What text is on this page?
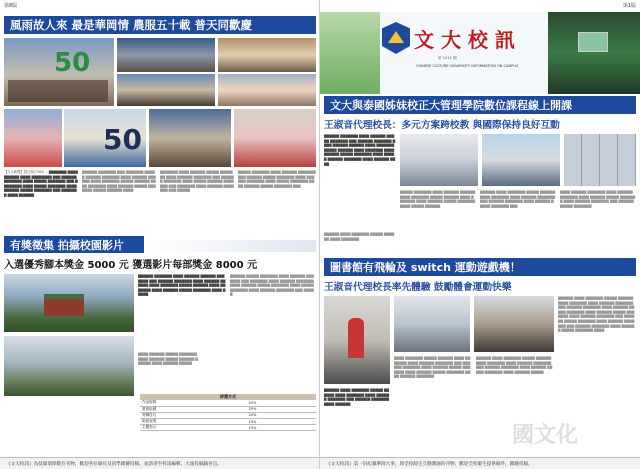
第8版
風雨故人來 最是華岡情 農服五十載 普天同歡慶
50
50
【文大新聞】農社創立50年… ▇▇▇▇▇▇▇ ▇▇▇▇ ▇▇▇▇▇▇ ▇▇▇▇ ▇▇▇▇▇▇▇▇ ▇▇▇ ▇▇▇▇▇▇ ▇▇▇▇▇▇▇ ▇▇▇▇ ▇▇▇▇▇ ▇▇▇▇▇▇▇ ▇▇▇ ▇▇▇▇▇▇▇▇ ▇▇▇▇ ▇▇▇▇▇ ▇▇▇▇▇▇▇ ▇▇▇▇ ▇▇▇▇▇▇ ▇▇▇▇▇ ▇▇▇▇▇▇▇ ▇▇▇ ▇▇▇▇▇▇▇ ▇▇▇▇ ▇▇▇▇▇▇
▇▇▇▇▇▇ ▇▇▇▇▇▇▇ ▇▇▇ ▇▇▇▇▇▇▇ ▇▇▇▇▇ ▇▇▇▇▇▇ ▇▇▇▇▇▇▇ ▇▇▇▇ ▇▇▇▇▇▇ ▇▇▇▇▇▇ ▇▇▇▇ ▇▇▇▇▇▇▇ ▇▇▇▇▇ ▇▇▇▇▇▇ ▇▇▇▇ ▇▇▇▇▇▇▇ ▇▇▇▇ ▇▇▇▇▇▇ ▇▇▇▇▇ ▇▇▇▇▇▇▇ ▇▇▇▇▇ ▇▇▇▇▇▇ ▇▇▇▇
▇▇▇▇▇▇▇ ▇▇▇▇ ▇▇▇▇▇▇ ▇▇▇▇▇ ▇▇▇▇▇▇▇ ▇▇▇▇ ▇▇▇▇▇▇ ▇▇▇▇▇▇▇ ▇▇▇ ▇▇▇▇▇▇ ▇▇▇▇▇▇▇ ▇▇▇▇ ▇▇▇▇▇ ▇▇▇▇▇▇ ▇▇▇▇▇▇▇ ▇▇▇ ▇▇▇▇▇▇▇ ▇▇▇▇ ▇▇▇▇▇▇ ▇▇▇▇▇▇▇ ▇▇▇ ▇▇▇▇▇
▇▇▇▇▇ ▇▇▇▇▇▇▇ ▇▇▇▇ ▇▇▇▇▇▇ ▇▇▇▇▇▇▇ ▇▇▇ ▇▇▇▇▇▇ ▇▇▇▇▇ ▇▇▇▇▇▇▇ ▇▇▇▇ ▇▇▇▇▇▇ ▇▇▇▇▇▇▇ ▇▇▇▇ ▇▇▇▇▇ ▇▇▇▇▇▇▇ ▇▇▇▇ ▇▇▇▇▇▇ ▇▇▇▇▇ ▇▇▇▇▇▇▇ ▇▇▇
有獎徵集 拍攝校園影片
入選優秀腳本獎金 5000 元 獲選影片每部獎金 8000 元
▇▇▇▇▇▇ ▇▇▇▇▇▇▇ ▇▇▇▇ ▇▇▇▇▇▇ ▇▇▇▇▇▇ ▇▇▇▇▇▇▇ ▇▇▇ ▇▇▇▇▇▇ ▇▇▇▇▇▇▇ ▇▇▇▇ ▇▇▇▇▇▇ ▇▇▇▇▇▇ ▇▇▇▇ ▇▇▇▇▇▇▇ ▇▇▇▇▇ ▇▇▇▇▇▇ ▇▇▇▇ ▇▇▇▇▇▇▇ ▇▇▇▇ ▇▇▇▇▇▇ ▇▇▇▇▇ ▇▇▇▇▇▇▇ ▇▇▇▇ ▇▇▇▇▇
▇▇▇▇▇▇ ▇▇▇▇▇ ▇▇▇▇▇▇▇ ▇▇▇▇ ▇▇▇▇▇▇ ▇▇▇▇▇▇▇ ▇▇▇ ▇▇▇▇▇▇▇ ▇▇▇▇ ▇▇▇▇▇▇ ▇▇▇▇▇▇▇ ▇▇▇▇ ▇▇▇▇▇▇ ▇▇▇▇▇ ▇▇▇▇▇▇▇ ▇▇▇▇ ▇▇▇▇▇ ▇▇▇▇▇▇▇ ▇▇▇▇ ▇▇▇▇▇▇ ▇▇▇▇▇▇▇ ▇▇▇ ▇▇▇▇▇
▇▇▇▇ ▇▇▇▇▇▇ ▇▇▇▇▇ ▇▇▇▇▇▇▇ ▇▇▇▇ ▇▇▇▇▇▇ ▇▇▇▇▇ ▇▇▇▇▇▇ ▇▇▇▇▇▇ ▇▇▇▇ ▇▇▇▇▇▇ ▇▇▇▇▇
評選方式	
作品展映	25%
畫面取鏡	25%
剪輯技巧	20%
創意表現	15%
主題契合	15%
《文大校訊》為低碳環保數位刊物，歡迎各位師長及同學踴躍投稿，並請寄至校訊編輯，大報投稿隨喜出。
第1版
文 大 校 訊
第 1011 期
CHINESE CULTURE UNIVERSITY INFORMATION ON CAMPUS
文大與泰國姊妹校正大管理學院數位課程線上開課
王淑音代理校長：多元方案跨校教 與國際保持良好互動
▇▇▇▇▇▇ ▇▇▇▇▇▇▇ ▇▇▇▇ ▇▇▇▇▇▇ ▇▇▇▇▇ ▇▇▇▇▇▇▇ ▇▇▇ ▇▇▇▇▇▇ ▇▇▇▇▇▇▇ ▇▇▇▇ ▇▇▇▇▇▇ ▇▇▇▇▇▇ ▇▇▇▇ ▇▇▇▇▇▇▇ ▇▇▇▇▇ ▇▇▇▇▇▇ ▇▇▇▇ ▇▇▇▇▇▇▇ ▇▇▇▇ ▇▇▇▇▇▇ ▇▇▇▇▇ ▇▇▇▇▇▇▇ ▇▇▇▇ ▇▇▇▇▇ ▇▇▇▇▇▇ ▇▇▇▇▇▇▇ ▇▇▇▇ ▇▇▇▇▇▇ ▇▇▇▇
▇▇▇▇▇ ▇▇▇▇▇▇▇ ▇▇▇▇ ▇▇▇▇▇▇ ▇▇▇▇▇▇ ▇▇▇▇ ▇▇▇▇▇▇▇ ▇▇▇▇▇ ▇▇▇▇▇▇ ▇▇▇▇ ▇▇▇▇▇▇▇ ▇▇▇▇ ▇▇▇▇▇▇ ▇▇▇▇▇ ▇▇▇▇▇▇▇ ▇▇▇▇ ▇▇▇▇▇ ▇▇▇▇▇▇
▇▇▇▇▇▇ ▇▇▇▇ ▇▇▇▇▇▇▇ ▇▇▇▇▇ ▇▇▇▇▇▇ ▇▇▇▇ ▇▇▇▇▇▇▇ ▇▇▇▇ ▇▇▇▇▇▇ ▇▇▇▇▇▇▇ ▇▇▇ ▇▇▇▇▇▇ ▇▇▇▇▇▇▇ ▇▇▇▇ ▇▇▇▇▇▇ ▇▇▇▇▇ ▇▇▇▇▇▇▇ ▇▇▇
▇▇▇▇ ▇▇▇▇▇▇ ▇▇▇▇▇▇▇ ▇▇▇▇ ▇▇▇▇▇▇ ▇▇▇▇▇▇▇ ▇▇▇▇ ▇▇▇▇▇▇ ▇▇▇▇▇ ▇▇▇▇▇▇▇ ▇▇▇▇ ▇▇▇▇▇▇ ▇▇▇▇▇▇▇ ▇▇▇ ▇▇▇▇▇▇ ▇▇▇▇▇ ▇▇▇▇▇▇▇
▇▇▇▇▇▇ ▇▇▇▇ ▇▇▇▇▇▇▇ ▇▇▇▇▇ ▇▇▇▇▇▇ ▇▇▇▇ ▇▇▇▇▇▇▇
圖書館有飛輪及 switch 運動遊戲機！
王淑音代理校長率先體驗 鼓勵體會運動快樂
▇▇▇▇▇▇ ▇▇▇▇ ▇▇▇▇▇▇▇ ▇▇▇▇▇ ▇▇▇▇▇▇ ▇▇▇▇ ▇▇▇▇▇▇▇ ▇▇▇▇ ▇▇▇▇▇▇ ▇▇▇▇▇▇▇ ▇▇▇ ▇▇▇▇▇▇ ▇▇▇▇▇▇▇ ▇▇▇▇ ▇▇▇▇▇▇
▇▇▇▇▇▇ ▇▇▇▇ ▇▇▇▇▇▇▇ ▇▇▇▇▇ ▇▇▇▇▇▇ ▇▇▇▇ ▇▇▇▇▇▇▇ ▇▇▇▇ ▇▇▇▇▇▇ ▇▇▇▇▇▇▇ ▇▇▇ ▇▇▇▇▇▇ ▇▇▇▇▇▇▇ ▇▇▇▇ ▇▇▇▇▇▇ ▇▇▇▇▇ ▇▇▇▇▇▇▇ ▇▇▇▇ ▇▇▇▇▇▇ ▇▇▇▇▇ ▇▇▇▇▇▇▇ ▇▇▇▇ ▇▇▇▇▇▇ ▇▇▇▇▇▇▇ ▇▇▇ ▇▇▇▇▇▇ ▇▇▇▇▇ ▇▇▇▇▇▇▇ ▇▇▇▇ ▇▇▇▇▇▇ ▇▇▇▇▇▇▇ ▇▇▇ ▇▇▇▇▇▇ ▇▇▇▇▇▇▇ ▇▇▇▇ ▇▇▇▇▇▇ ▇▇▇▇▇ ▇▇▇▇▇▇▇ ▇▇▇▇
▇▇▇▇ ▇▇▇▇▇▇▇ ▇▇▇▇▇ ▇▇▇▇▇▇ ▇▇▇▇ ▇▇▇▇▇▇▇ ▇▇▇▇ ▇▇▇▇▇▇ ▇▇▇▇▇▇▇ ▇▇▇ ▇▇▇▇▇▇ ▇▇▇▇▇▇▇ ▇▇▇▇ ▇▇▇▇▇▇ ▇▇▇▇▇ ▇▇▇▇▇▇▇ ▇▇▇▇ ▇▇▇▇▇▇ ▇▇▇▇▇ ▇▇▇▇▇▇▇ ▇▇▇▇ ▇▇▇▇▇▇ ▇▇▇▇▇▇▇
▇▇▇▇▇▇ ▇▇▇▇ ▇▇▇▇▇▇▇ ▇▇▇▇▇ ▇▇▇▇▇▇ ▇▇▇▇ ▇▇▇▇▇▇▇ ▇▇▇▇ ▇▇▇▇▇▇ ▇▇▇▇▇▇▇ ▇▇▇ ▇▇▇▇▇▇ ▇▇▇▇▇▇▇ ▇▇▇▇ ▇▇▇▇▇▇ ▇▇▇▇▇ ▇▇▇▇▇▇▇ ▇▇▇▇ ▇▇▇▇▇▇ ▇▇▇▇▇
國文化
《文大校訊》第一份紀載華岡大事，與全校師生互動溝通的刊物，歡迎全校師生提供稿件，踴躍投稿。
